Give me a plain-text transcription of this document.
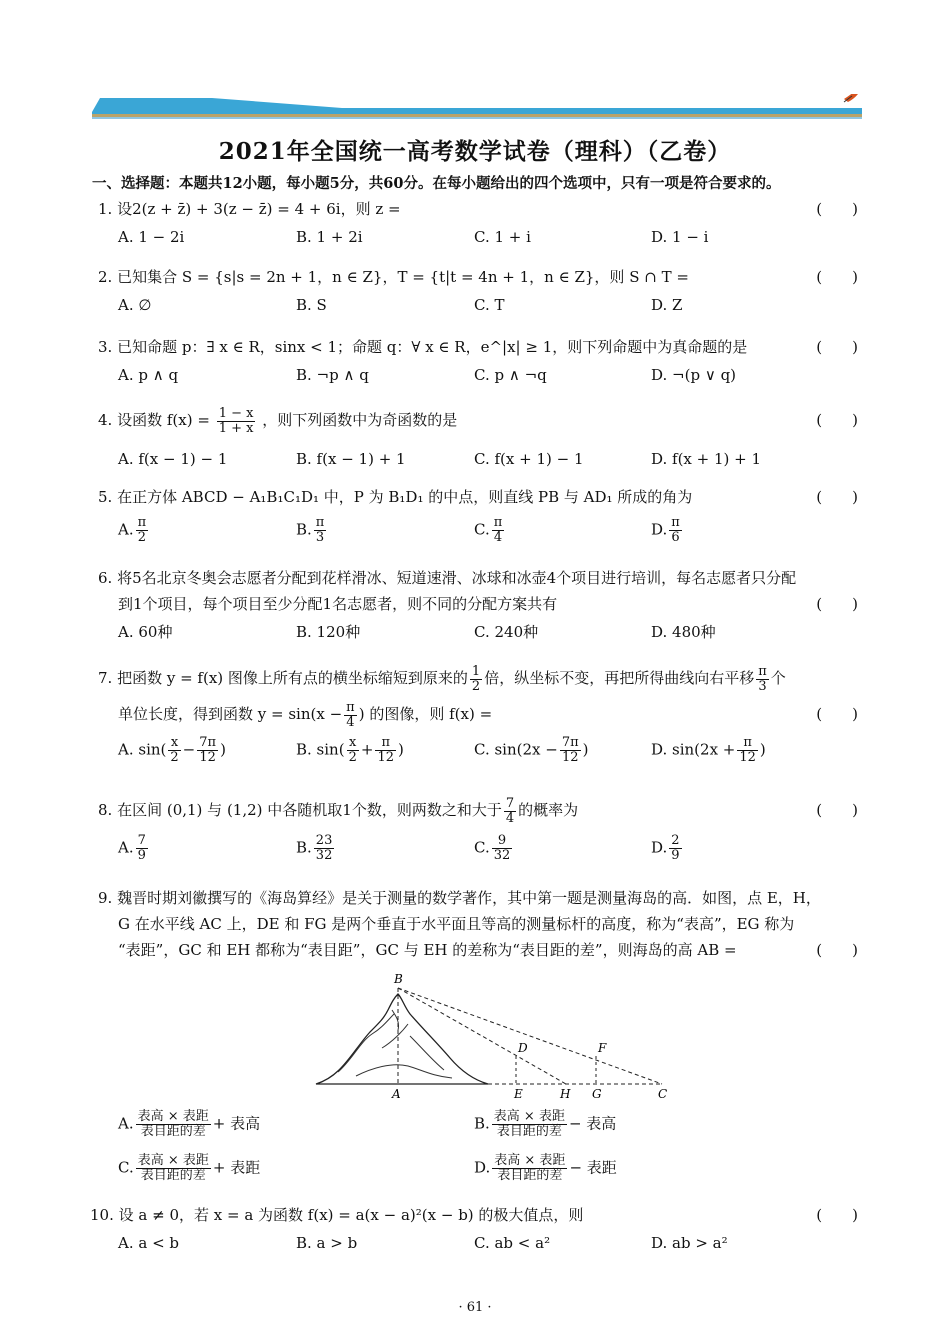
2021年全国统一高考数学试卷（理科）（乙卷）
一、选择题：本题共12小题，每小题5分，共60分。在每小题给出的四个选项中，只有一项是符合要求的。
1. 设2(z + z̄) + 3(z − z̄) = 4 + 6i，则 z =	(　　)
A. 1 − 2i	B. 1 + 2i	C. 1 + i	D. 1 − i
2. 已知集合 S = {s|s = 2n + 1，n ∈ Z}，T = {t|t = 4n + 1，n ∈ Z}，则 S ∩ T =	(　　)
A. ∅	B. S	C. T	D. Z
3. 已知命题 p：∃ x ∈ R，sinx < 1；命题 q：∀ x ∈ R，e^|x| ≥ 1，则下列命题中为真命题的是	(　　)
A. p ∧ q	B. ¬p ∧ q	C. p ∧ ¬q	D. ¬(p ∨ q)
4. 设函数 $f(x) = \frac{1 - x}{1 + x}$ ，则下列函数中为奇函数的是	(　　)
A. f(x − 1) − 1	B. f(x − 1) + 1	C. f(x + 1) − 1	D. f(x + 1) + 1
5. 在正方体 ABCD − A₁B₁C₁D₁ 中，P 为 B₁D₁ 的中点，则直线 PB 与 AD₁ 所成的角为	(　　)
A. $\frac{\pi}{2}$	B. $\frac{\pi}{3}$	C. $\frac{\pi}{4}$	D. $\frac{\pi}{6}$
6. 将5名北京冬奥会志愿者分配到花样滑冰、短道速滑、冰球和冰壶4个项目进行培训，每名志愿者只分配
到1个项目，每个项目至少分配1名志愿者，则不同的分配方案共有	(　　)
A. 60种	B. 120种	C. 240种	D. 480种
7. 把函数 y = f(x) 图像上所有点的横坐标缩短到原来的 $\frac{1}{2}$ 倍，纵坐标不变，再把所得曲线向右平移 $\frac{\pi}{3}$ 个
单位长度，得到函数 $y = \sin(x - \frac{\pi}{4}$ ) 的图像，则 f(x) =	(　　)
A. $\sin( \frac{x}{2} - \frac{7\pi}{12}$ )	B. $\sin( \frac{x}{2} + \frac{\pi}{12}$ )	C. $\sin(2x - \frac{7\pi}{12}$ )	D. $\sin(2x + \frac{\pi}{12}$ )
8. 在区间 (0,1) 与 (1,2) 中各随机取1个数，则两数之和大于 $\frac{7}{4}$ 的概率为	(　　)
A. $\frac{7}{9}$	B. $\frac{23}{32}$	C. $\frac{9}{32}$	D. $\frac{2}{9}$
9. 魏晋时期刘徽撰写的《海岛算经》是关于测量的数学著作，其中第一题是测量海岛的高．如图，点 E，H，
G 在水平线 AC 上，DE 和 FG 是两个垂直于水平面且等高的测量标杆的高度，称为“表高”，EG 称为
“表距”，GC 和 EH 都称为“表目距”，GC 与 EH 的差称为“表目距的差”，则海岛的高 AB =	(　　)
B
D	F
A	E	H G	C
A. $\frac{\text{表高 × 表距}}{\text{表目距的差}}$ + 表高	B. $\frac{\text{表高 × 表距}}{\text{表目距的差}}$ − 表高
C. $\frac{\text{表高 × 表距}}{\text{表目距的差}}$ + 表距	D. $\frac{\text{表高 × 表距}}{\text{表目距的差}}$ − 表距
10. 设 a ≠ 0，若 x = a 为函数 f(x) = a(x − a)²(x − b) 的极大值点，则	(　　)
A. a < b	B. a > b	C. ab < a²	D. ab > a²
· 61 ·
